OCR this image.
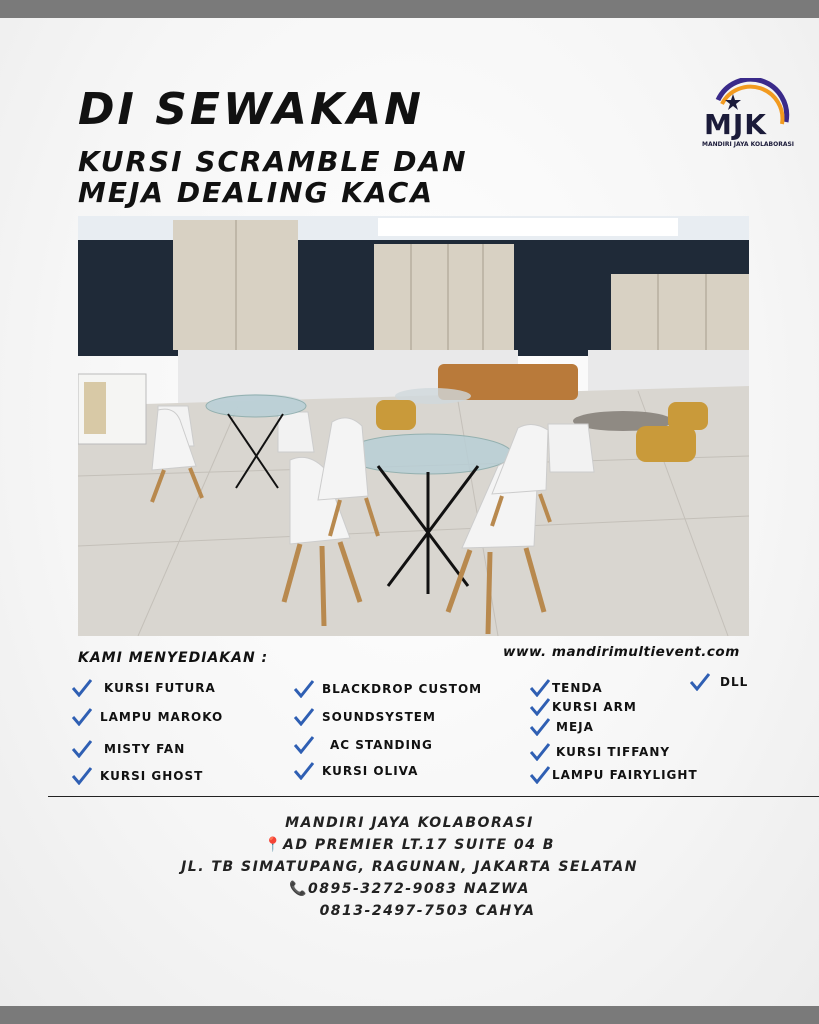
DI SEWAKAN
KURSI SCRAMBLE DAN MEJA DEALING KACA
MJK
MANDIRI JAYA KOLABORASI
KAMI MENYEDIAKAN :	www. mandirimultievent.com
KURSI FUTURA
LAMPU MAROKO
MISTY FAN
KURSI GHOST
BLACKDROP CUSTOM
SOUNDSYSTEM
AC STANDING
KURSI OLIVA
TENDA
KURSI ARM
MEJA
KURSI TIFFANY
LAMPU FAIRYLIGHT
DLL
MANDIRI JAYA KOLABORASI
📍AD PREMIER LT.17 SUITE 04 B
JL. TB SIMATUPANG, RAGUNAN, JAKARTA SELATAN
📞0895-3272-9083 NAZWA
0813-2497-7503 CAHYA
